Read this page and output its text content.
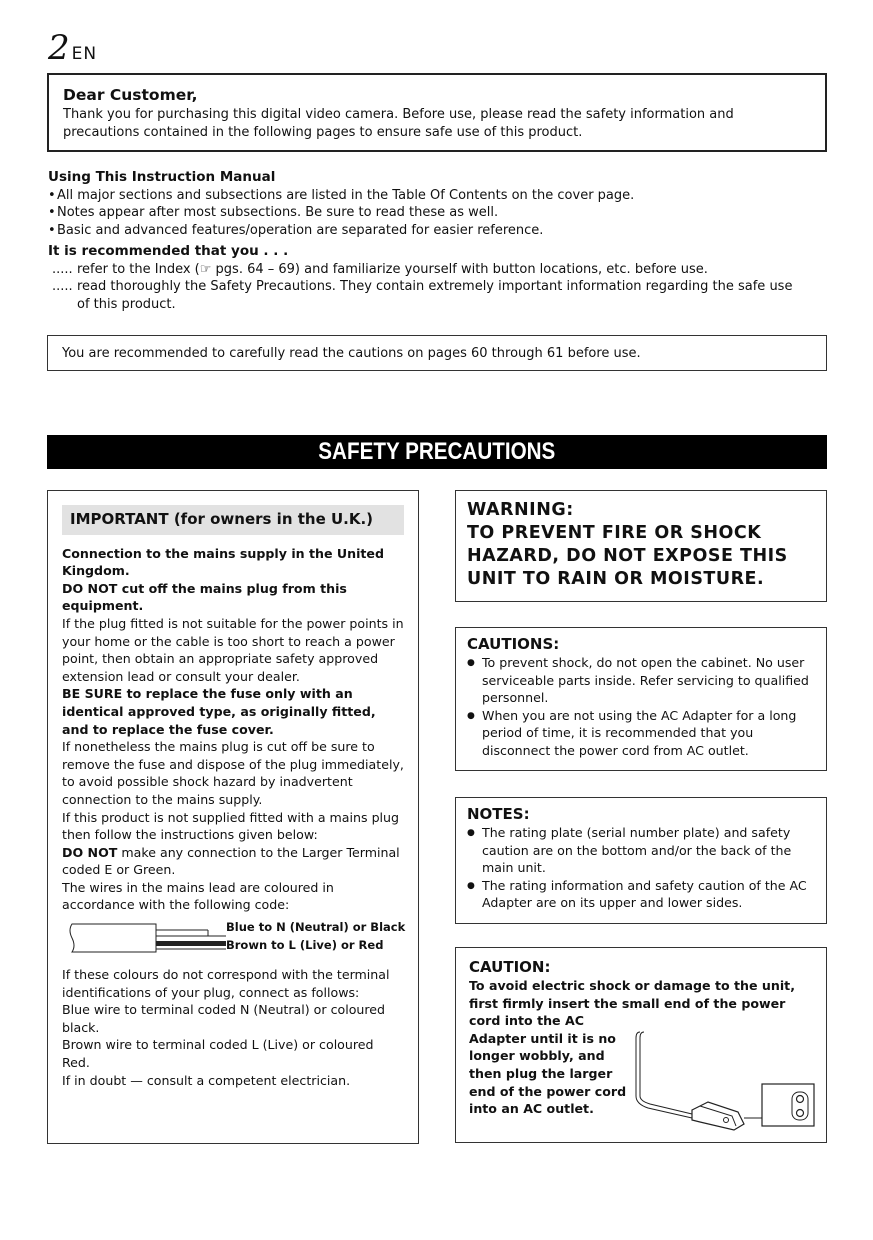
2 EN

Dear Customer,

Thank you for purchasing this digital video camera. Before use, please read the safety information and

precautions contained in the following pages to ensure safe use of this product.

Using This Instruction Manual

• All major sections and subsections are listed in the Table Of Contents on the cover page.

• Notes appear after most subsections. Be sure to read these as well.

• Basic and advanced features/operation are separated for easier reference.

It is recommended that you . . .

..... refer to the Index (☞ pgs. 64 – 69) and familiarize yourself with button locations, etc. before use.

..... read thoroughly the Safety Precautions. They contain extremely important information regarding the safe use

of this product.

You are recommended to carefully read the cautions on pages 60 through 61 before use.

SAFETY PRECAUTIONS
IMPORTANT (for owners in the U.K.)

Connection to the mains supply in the United Kingdom.

DO NOT cut off the mains plug from this equipment.

If the plug fitted is not suitable for the power points in your home or the cable is too short to reach a power point, then obtain an appropriate safety approved extension lead or consult your dealer.

BE SURE to replace the fuse only with an identical approved type, as originally fitted, and to replace the fuse cover.

If nonetheless the mains plug is cut off be sure to remove the fuse and dispose of the plug immediately, to avoid possible shock hazard by inadvertent connection to the mains supply.

If this product is not supplied fitted with a mains plug then follow the instructions given below:

DO NOT make any connection to the Larger Terminal coded E or Green.

The wires in the mains lead are coloured in accordance with the following code:

Blue to N (Neutral) or Black

Brown to L (Live) or Red

If these colours do not correspond with the terminal identifications of your plug, connect as follows:

Blue wire to terminal coded N (Neutral) or coloured black.

Brown wire to terminal coded L (Live) or coloured Red.

If in doubt — consult a competent electrician.

WARNING:

TO PREVENT FIRE OR SHOCK

HAZARD, DO NOT EXPOSE THIS

UNIT TO RAIN OR MOISTURE.

CAUTIONS:

● To prevent shock, do not open the cabinet. No user serviceable parts inside. Refer servicing to qualified personnel.

● When you are not using the AC Adapter for a long period of time, it is recommended that you disconnect the power cord from AC outlet.

NOTES:

● The rating plate (serial number plate) and safety caution are on the bottom and/or the back of the main unit.

● The rating information and safety caution of the AC Adapter are on its upper and lower sides.

CAUTION:

To avoid electric shock or damage to the unit,

first firmly insert the small end of the power

cord into the AC

Adapter until it is no

longer wobbly, and

then plug the larger

end of the power cord

into an AC outlet.
